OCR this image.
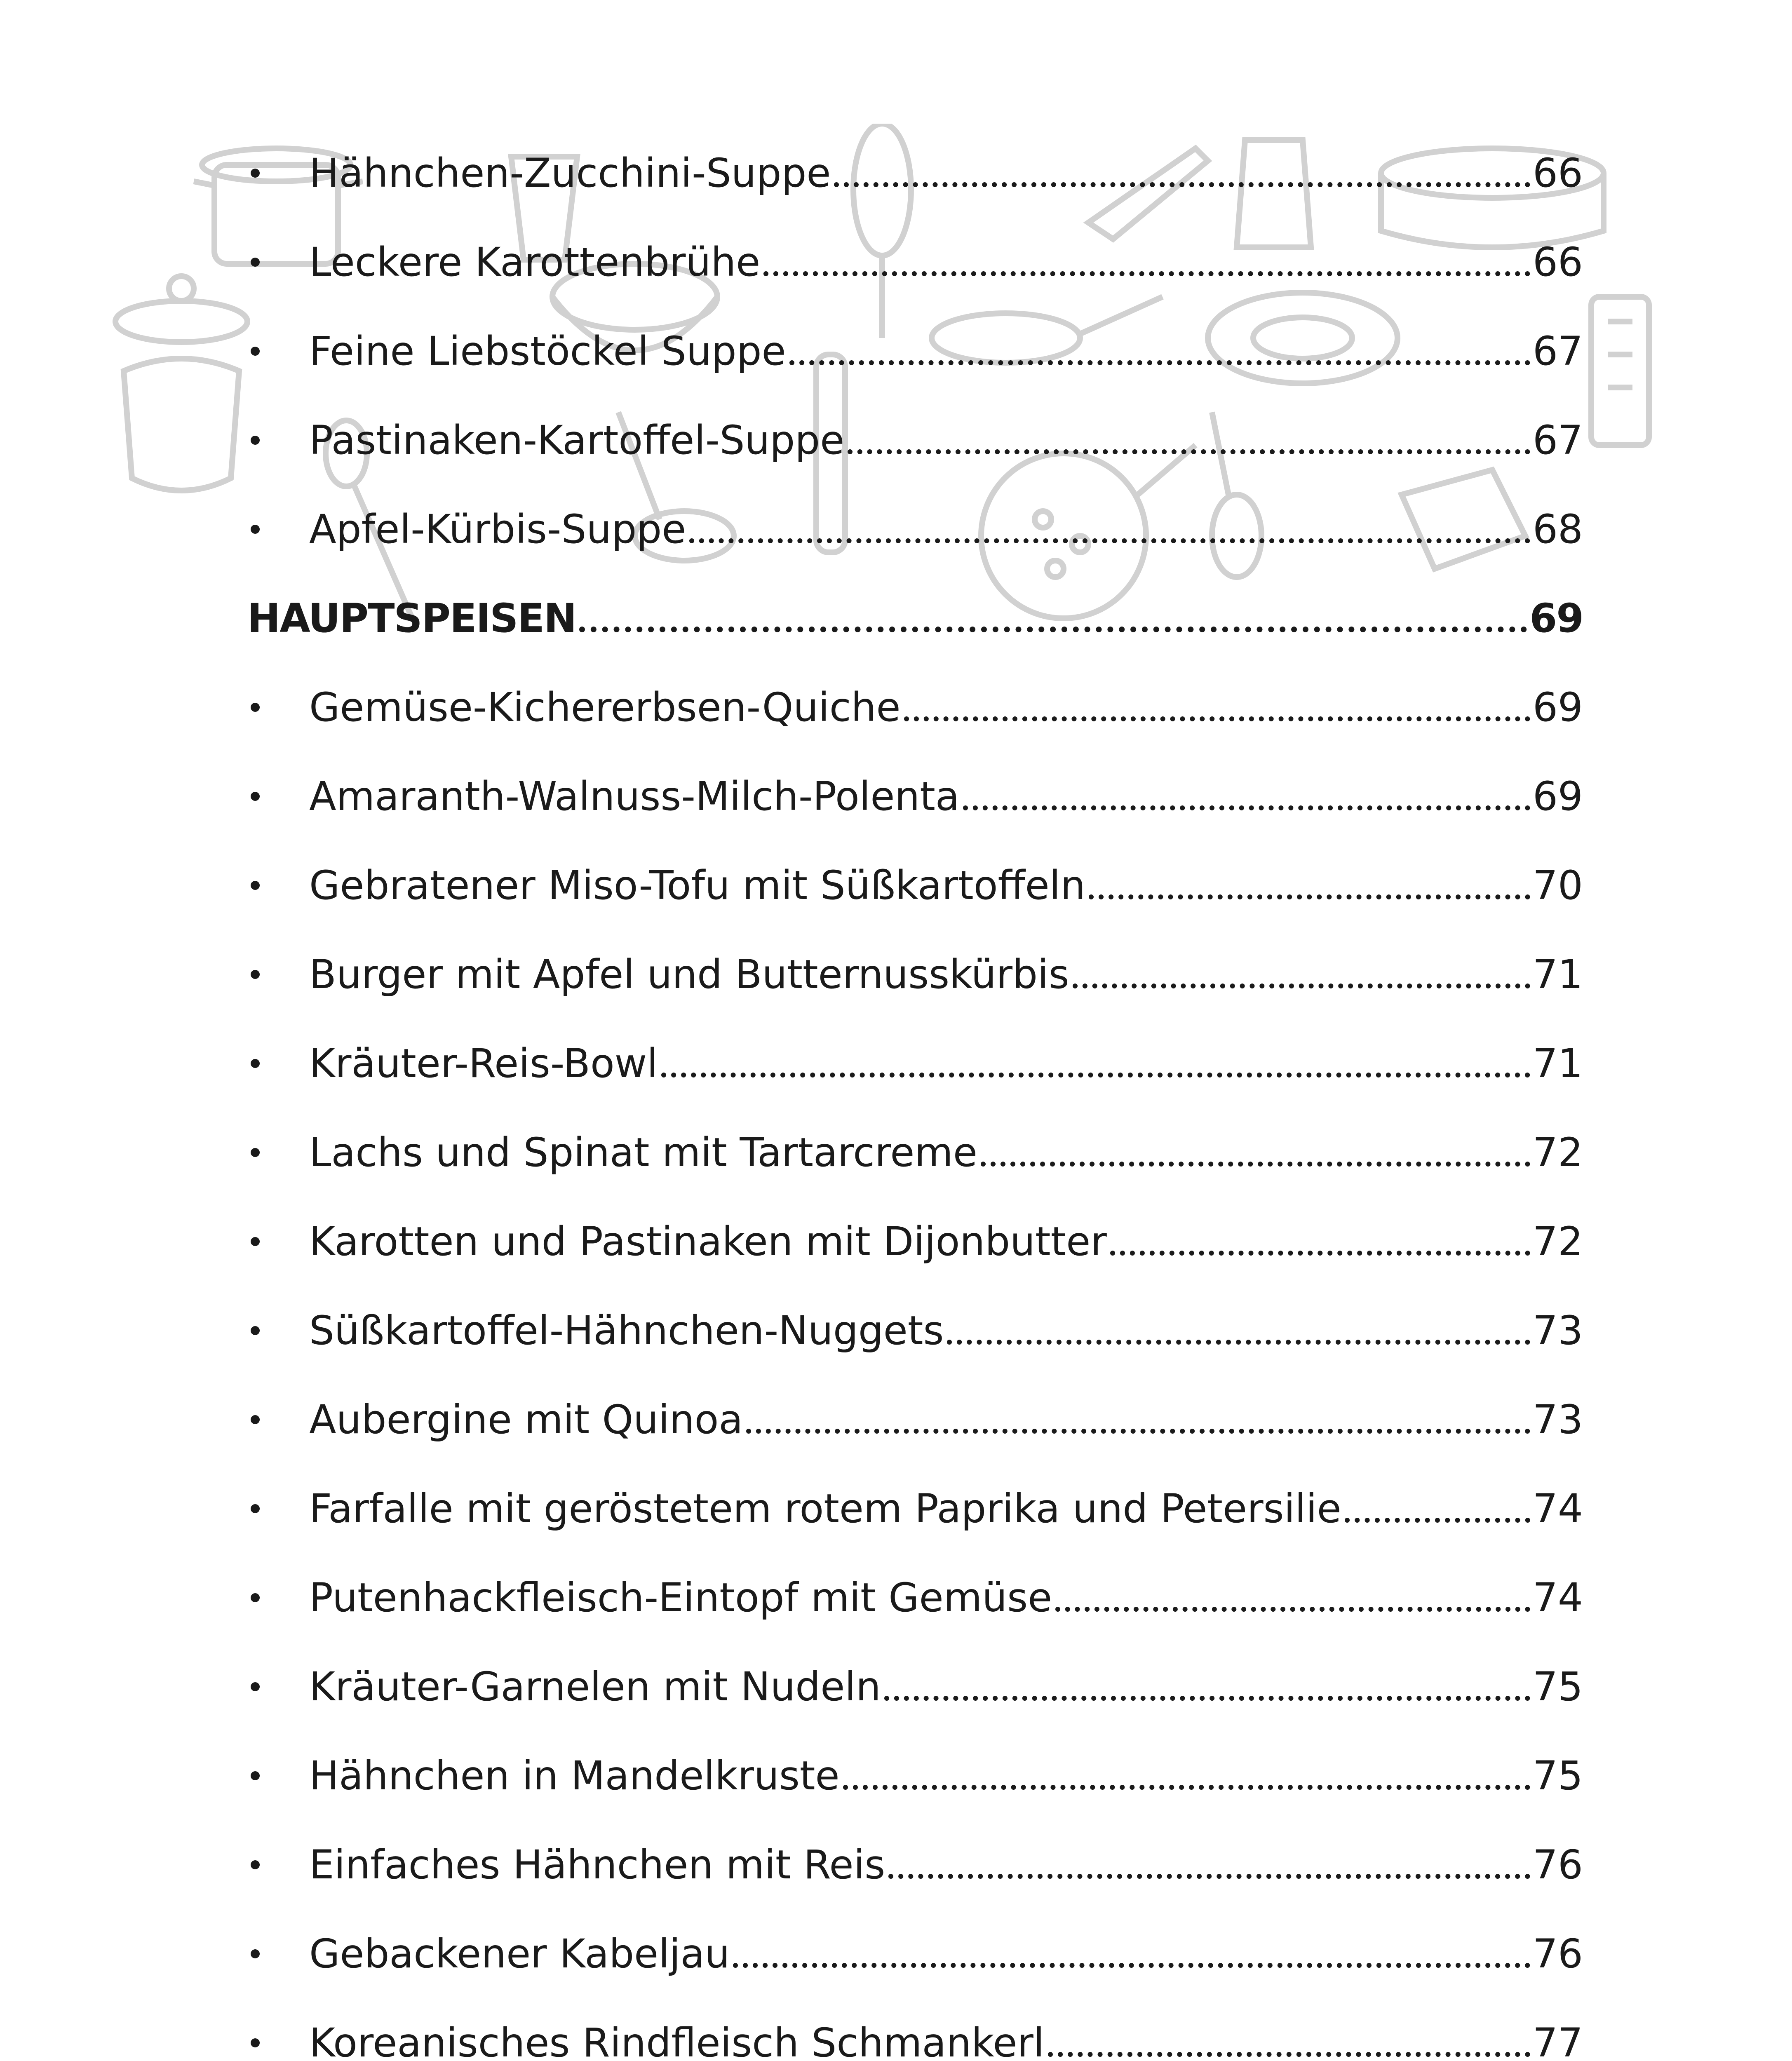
Hähnchen-Zucchini-Suppe	66
Leckere Karottenbrühe	66
Feine Liebstöckel Suppe	67
Pastinaken-Kartoffel-Suppe	67
Apfel-Kürbis-Suppe	68
HAUPTSPEISEN	69
Gemüse-Kichererbsen-Quiche	69
Amaranth-Walnuss-Milch-Polenta	69
Gebratener Miso-Tofu mit Süßkartoffeln	70
Burger mit Apfel und Butternusskürbis	71
Kräuter-Reis-Bowl	71
Lachs und Spinat mit Tartarcreme	72
Karotten und Pastinaken mit Dijonbutter	72
Süßkartoffel-Hähnchen-Nuggets	73
Aubergine mit Quinoa	73
Farfalle mit geröstetem rotem Paprika und Petersilie	74
Putenhackfleisch-Eintopf mit Gemüse	74
Kräuter-Garnelen mit Nudeln	75
Hähnchen in Mandelkruste	75
Einfaches Hähnchen mit Reis	76
Gebackener Kabeljau	76
Koreanisches Rindfleisch Schmankerl	77
